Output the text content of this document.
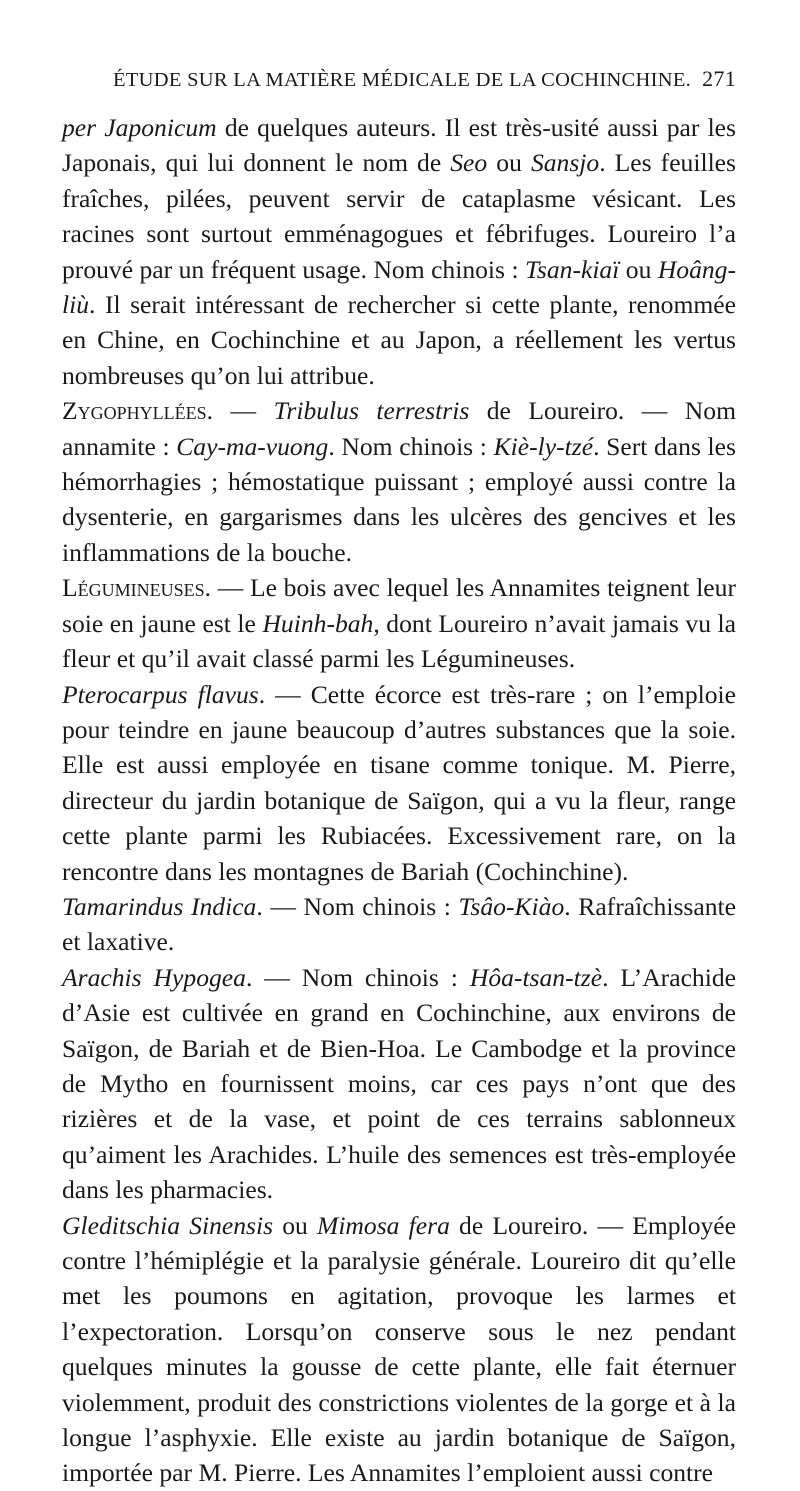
ÉTUDE SUR LA MATIÈRE MÉDICALE DE LA COCHINCHINE. 271

per Japonicum de quelques auteurs. Il est très-usité aussi par les Japonais, qui lui donnent le nom de Seo ou Sansjo. Les feuilles fraîches, pilées, peuvent servir de cataplasme vésicant. Les racines sont surtout emménagogues et fébrifuges. Loureiro l’a prouvé par un fréquent usage. Nom chinois : Tsan-kiaï ou Hoâng-liù. Il serait intéressant de rechercher si cette plante, renommée en Chine, en Cochinchine et au Japon, a réellement les vertus nombreuses qu’on lui attribue.

Zygophyllées. — Tribulus terrestris de Loureiro. — Nom annamite : Cay-ma-vuong. Nom chinois : Kiè-ly-tzé. Sert dans les hémorrhagies ; hémostatique puissant ; employé aussi contre la dysenterie, en gargarismes dans les ulcères des gencives et les inflammations de la bouche.

Légumineuses. — Le bois avec lequel les Annamites teignent leur soie en jaune est le Huinh-bah, dont Loureiro n’avait jamais vu la fleur et qu’il avait classé parmi les Légumineuses.

Pterocarpus flavus. — Cette écorce est très-rare ; on l’emploie pour teindre en jaune beaucoup d’autres substances que la soie. Elle est aussi employée en tisane comme tonique. M. Pierre, directeur du jardin botanique de Saïgon, qui a vu la fleur, range cette plante parmi les Rubiacées. Excessivement rare, on la rencontre dans les montagnes de Bariah (Cochinchine).

Tamarindus Indica. — Nom chinois : Tsâo-Kiào. Rafraîchissante et laxative.

Arachis Hypogea. — Nom chinois : Hôa-tsan-tzè. L’Arachide d’Asie est cultivée en grand en Cochinchine, aux environs de Saïgon, de Bariah et de Bien-Hoa. Le Cambodge et la province de Mytho en fournissent moins, car ces pays n’ont que des rizières et de la vase, et point de ces terrains sablonneux qu’aiment les Arachides. L’huile des semences est très-employée dans les pharmacies.

Gleditschia Sinensis ou Mimosa fera de Loureiro. — Employée contre l’hémiplégie et la paralysie générale. Loureiro dit qu’elle met les poumons en agitation, provoque les larmes et l’expectoration. Lorsqu’on conserve sous le nez pendant quelques minutes la gousse de cette plante, elle fait éternuer violemment, produit des constrictions violentes de la gorge et à la longue l’asphyxie. Elle existe au jardin botanique de Saïgon, importée par M. Pierre. Les Annamites l’emploient aussi contre
